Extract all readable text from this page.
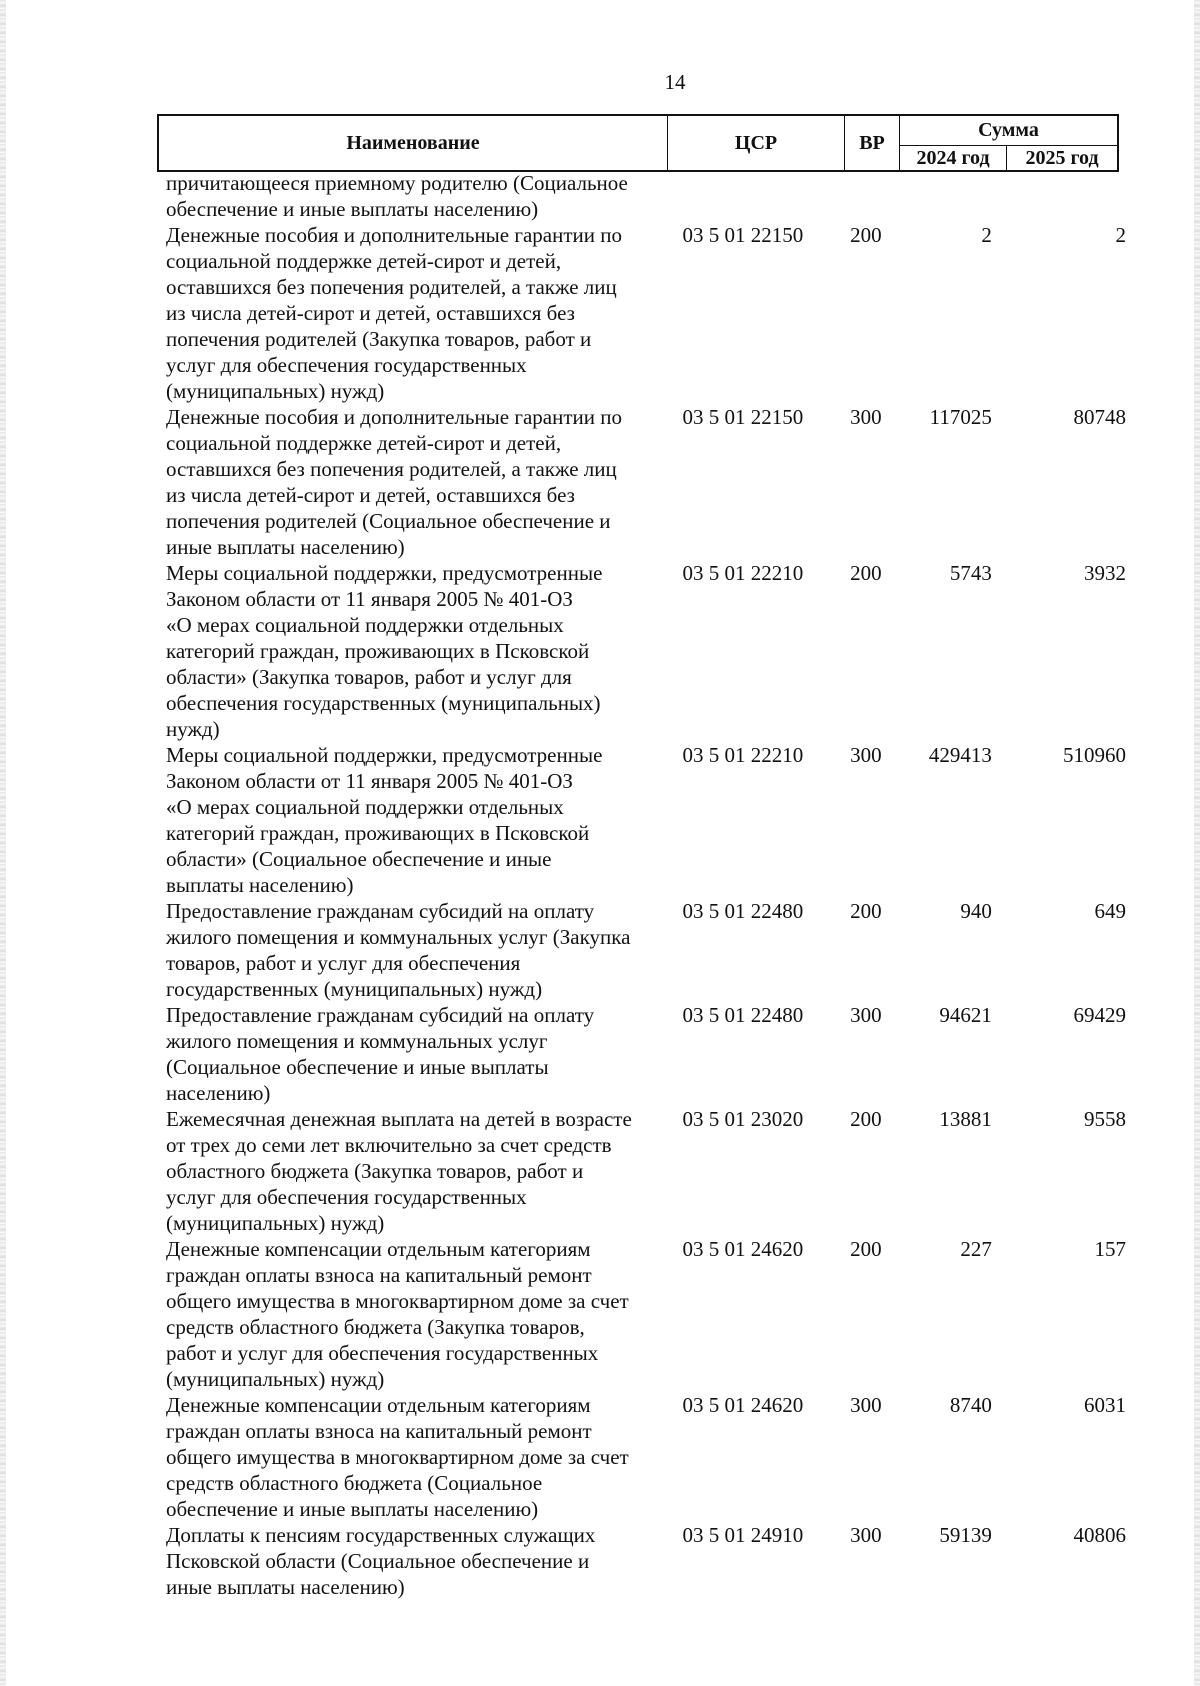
14
Наименование	ЦСР	ВР	Сумма	
			2024 год	2025 год
причитающееся приемному родителю (Социальное
обеспечение и иные выплаты населению)
Денежные пособия и дополнительные гарантии по
социальной поддержке детей-сирот и детей,
оставшихся без попечения родителей, а также лиц
из числа детей-сирот и детей, оставшихся без
попечения родителей (Закупка товаров, работ и
услуг для обеспечения государственных
(муниципальных) нужд)
03 5 01 22150	200	2	2
Денежные пособия и дополнительные гарантии по
социальной поддержке детей-сирот и детей,
оставшихся без попечения родителей, а также лиц
из числа детей-сирот и детей, оставшихся без
попечения родителей (Социальное обеспечение и
иные выплаты населению)
03 5 01 22150	300	117025	80748
Меры социальной поддержки, предусмотренные
Законом области от 11 января 2005 № 401-ОЗ
«О мерах социальной поддержки отдельных
категорий граждан, проживающих в Псковской
области» (Закупка товаров, работ и услуг для
обеспечения государственных (муниципальных)
нужд)
03 5 01 22210	200	5743	3932
Меры социальной поддержки, предусмотренные
Законом области от 11 января 2005 № 401-ОЗ
«О мерах социальной поддержки отдельных
категорий граждан, проживающих в Псковской
области» (Социальное обеспечение и иные
выплаты населению)
03 5 01 22210	300	429413	510960
Предоставление гражданам субсидий на оплату
жилого помещения и коммунальных услуг (Закупка
товаров, работ и услуг для обеспечения
государственных (муниципальных) нужд)
03 5 01 22480	200	940	649
Предоставление гражданам субсидий на оплату
жилого помещения и коммунальных услуг
(Социальное обеспечение и иные выплаты
населению)
03 5 01 22480	300	94621	69429
Ежемесячная денежная выплата на детей в возрасте
от трех до семи лет включительно за счет средств
областного бюджета (Закупка товаров, работ и
услуг для обеспечения государственных
(муниципальных) нужд)
03 5 01 23020	200	13881	9558
Денежные компенсации отдельным категориям
граждан оплаты взноса на капитальный ремонт
общего имущества в многоквартирном доме за счет
средств областного бюджета (Закупка товаров,
работ и услуг для обеспечения государственных
(муниципальных) нужд)
03 5 01 24620	200	227	157
Денежные компенсации отдельным категориям
граждан оплаты взноса на капитальный ремонт
общего имущества в многоквартирном доме за счет
средств областного бюджета (Социальное
обеспечение и иные выплаты населению)
03 5 01 24620	300	8740	6031
Доплаты к пенсиям государственных служащих
Псковской области (Социальное обеспечение и
иные выплаты населению)
03 5 01 24910	300	59139	40806
